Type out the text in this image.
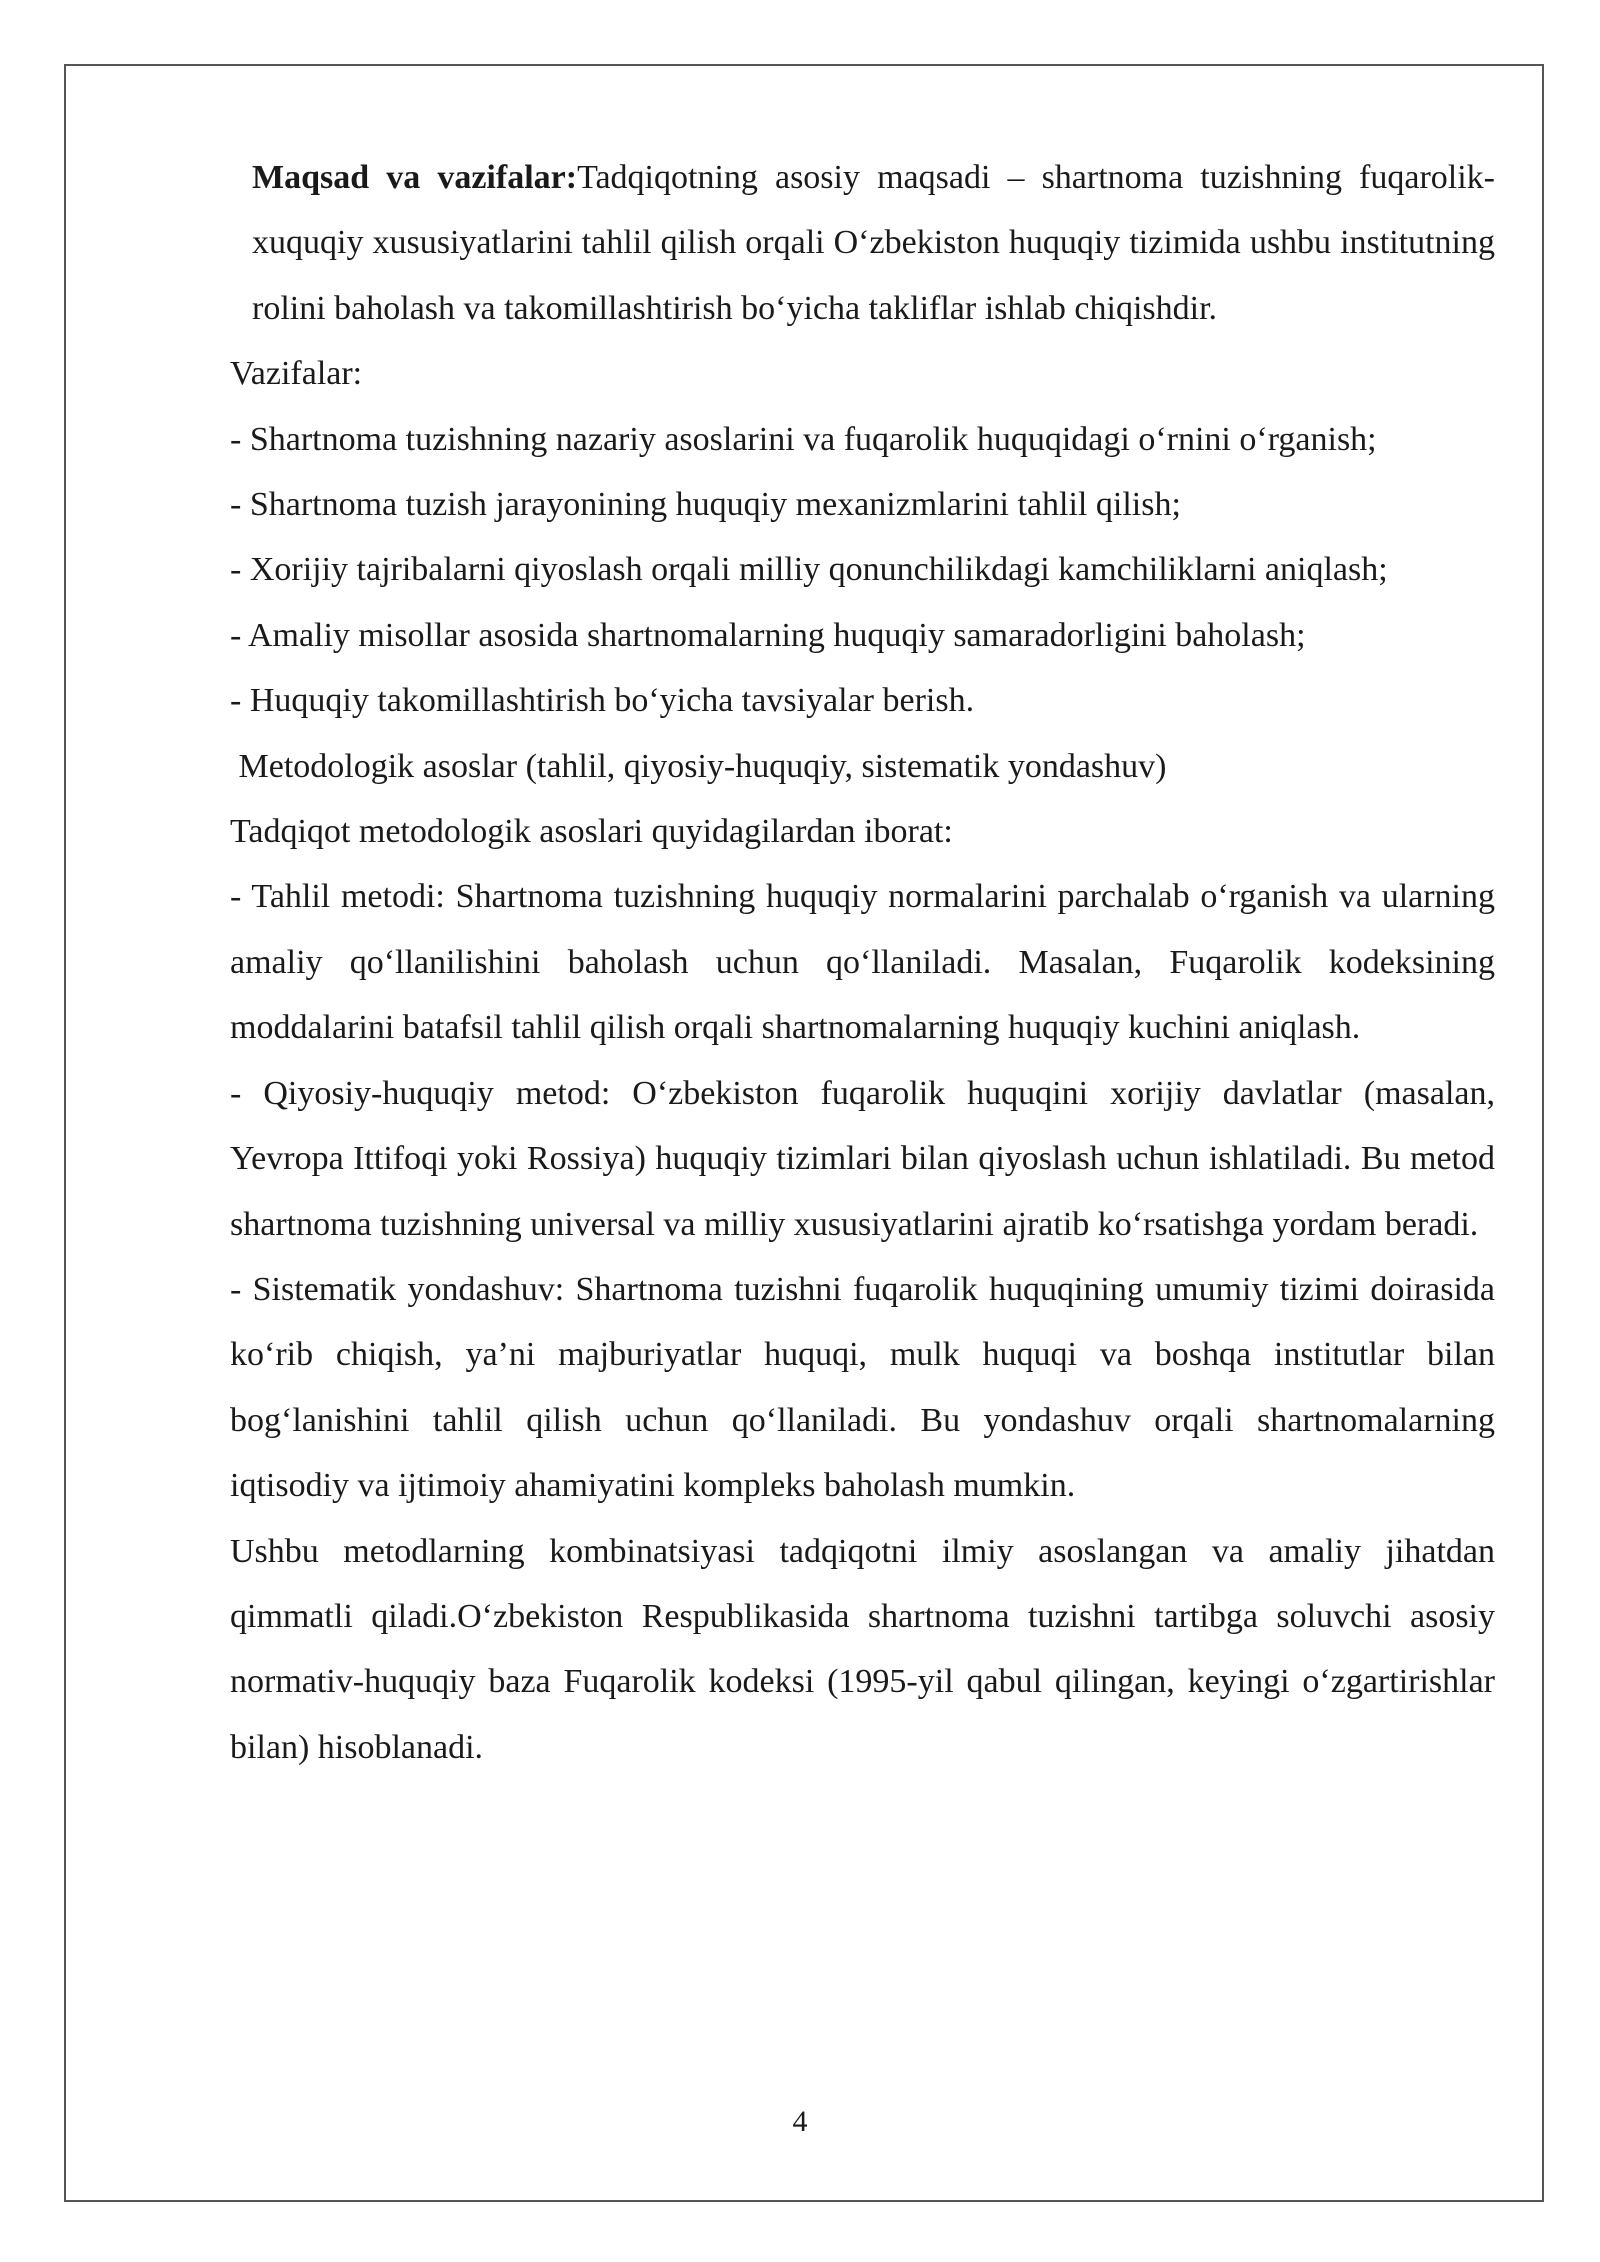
Maqsad va vazifalar:Tadqiqotning asosiy maqsadi – shartnoma tuzishning fuqarolik-xuquqiy xususiyatlarini tahlil qilish orqali O‘zbekiston huquqiy tizimida ushbu institutning rolini baholash va takomillashtirish bo‘yicha takliflar ishlab chiqishdir.

Vazifalar:

- Shartnoma tuzishning nazariy asoslarini va fuqarolik huquqidagi o‘rnini o‘rganish;

- Shartnoma tuzish jarayonining huquqiy mexanizmlarini tahlil qilish;

- Xorijiy tajribalarni qiyoslash orqali milliy qonunchilikdagi kamchiliklarni aniqlash;

- Amaliy misollar asosida shartnomalarning huquqiy samaradorligini baholash;

- Huquqiy takomillashtirish bo‘yicha tavsiyalar berish.

Metodologik asoslar (tahlil, qiyosiy-huquqiy, sistematik yondashuv)

Tadqiqot metodologik asoslari quyidagilardan iborat:

- Tahlil metodi: Shartnoma tuzishning huquqiy normalarini parchalab o‘rganish va ularning amaliy qo‘llanilishini baholash uchun qo‘llaniladi. Masalan, Fuqarolik kodeksining moddalarini batafsil tahlil qilish orqali shartnomalarning huquqiy kuchini aniqlash.

- Qiyosiy-huquqiy metod: O‘zbekiston fuqarolik huquqini xorijiy davlatlar (masalan, Yevropa Ittifoqi yoki Rossiya) huquqiy tizimlari bilan qiyoslash uchun ishlatiladi. Bu metod shartnoma tuzishning universal va milliy xususiyatlarini ajratib ko‘rsatishga yordam beradi.

- Sistematik yondashuv: Shartnoma tuzishni fuqarolik huquqining umumiy tizimi doirasida ko‘rib chiqish, ya’ni majburiyatlar huquqi, mulk huquqi va boshqa institutlar bilan bog‘lanishini tahlil qilish uchun qo‘llaniladi. Bu yondashuv orqali shartnomalarning iqtisodiy va ijtimoiy ahamiyatini kompleks baholash mumkin.

Ushbu metodlarning kombinatsiyasi tadqiqotni ilmiy asoslangan va amaliy jihatdan qimmatli qiladi.O‘zbekiston Respublikasida shartnoma tuzishni tartibga soluvchi asosiy normativ-huquqiy baza Fuqarolik kodeksi (1995-yil qabul qilingan, keyingi o‘zgartirishlar bilan) hisoblanadi.

4
